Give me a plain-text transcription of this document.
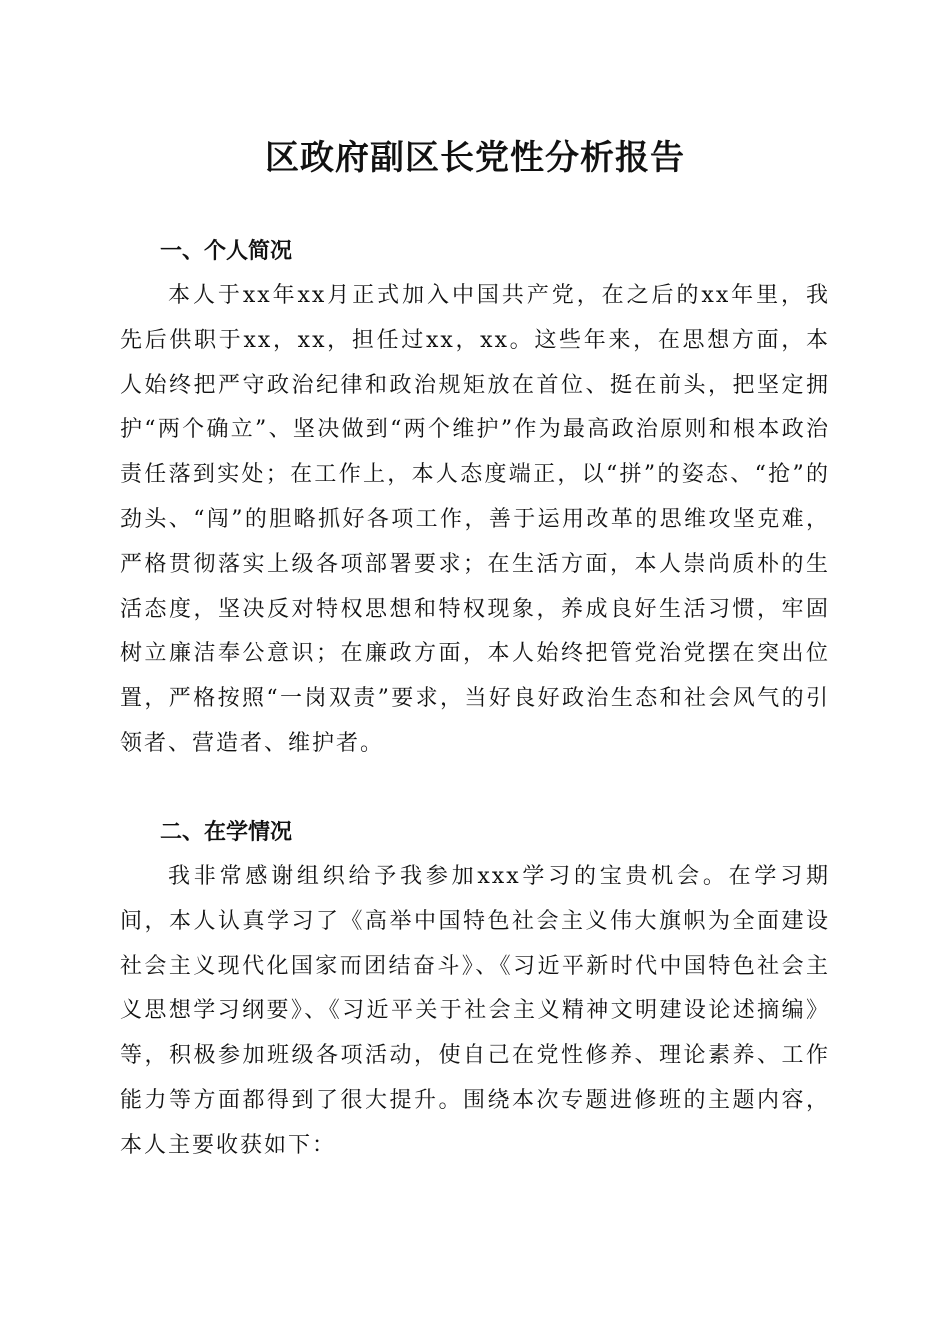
区政府副区长党性分析报告
一、个人简况

本人于xx年xx月正式加入中国共产党，在之后的xx年里，我先后供职于xx，xx，担任过xx，xx。这些年来，在思想方面，本人始终把严守政治纪律和政治规矩放在首位、挺在前头，把坚定拥护“两个确立”、坚决做到“两个维护”作为最高政治原则和根本政治责任落到实处；在工作上，本人态度端正，以“拼”的姿态、“抢”的劲头、“闯”的胆略抓好各项工作，善于运用改革的思维攻坚克难，严格贯彻落实上级各项部署要求；在生活方面，本人崇尚质朴的生活态度，坚决反对特权思想和特权现象，养成良好生活习惯，牢固树立廉洁奉公意识；在廉政方面，本人始终把管党治党摆在突出位置，严格按照“一岗双责”要求，当好良好政治生态和社会风气的引领者、营造者、维护者。

二、在学情况

我非常感谢组织给予我参加xxx学习的宝贵机会。在学习期间，本人认真学习了《高举中国特色社会主义伟大旗帜为全面建设社会主义现代化国家而团结奋斗》、《习近平新时代中国特色社会主义思想学习纲要》、《习近平关于社会主义精神文明建设论述摘编》等，积极参加班级各项活动，使自己在党性修养、理论素养、工作能力等方面都得到了很大提升。围绕本次专题进修班的主题内容，本人主要收获如下：
